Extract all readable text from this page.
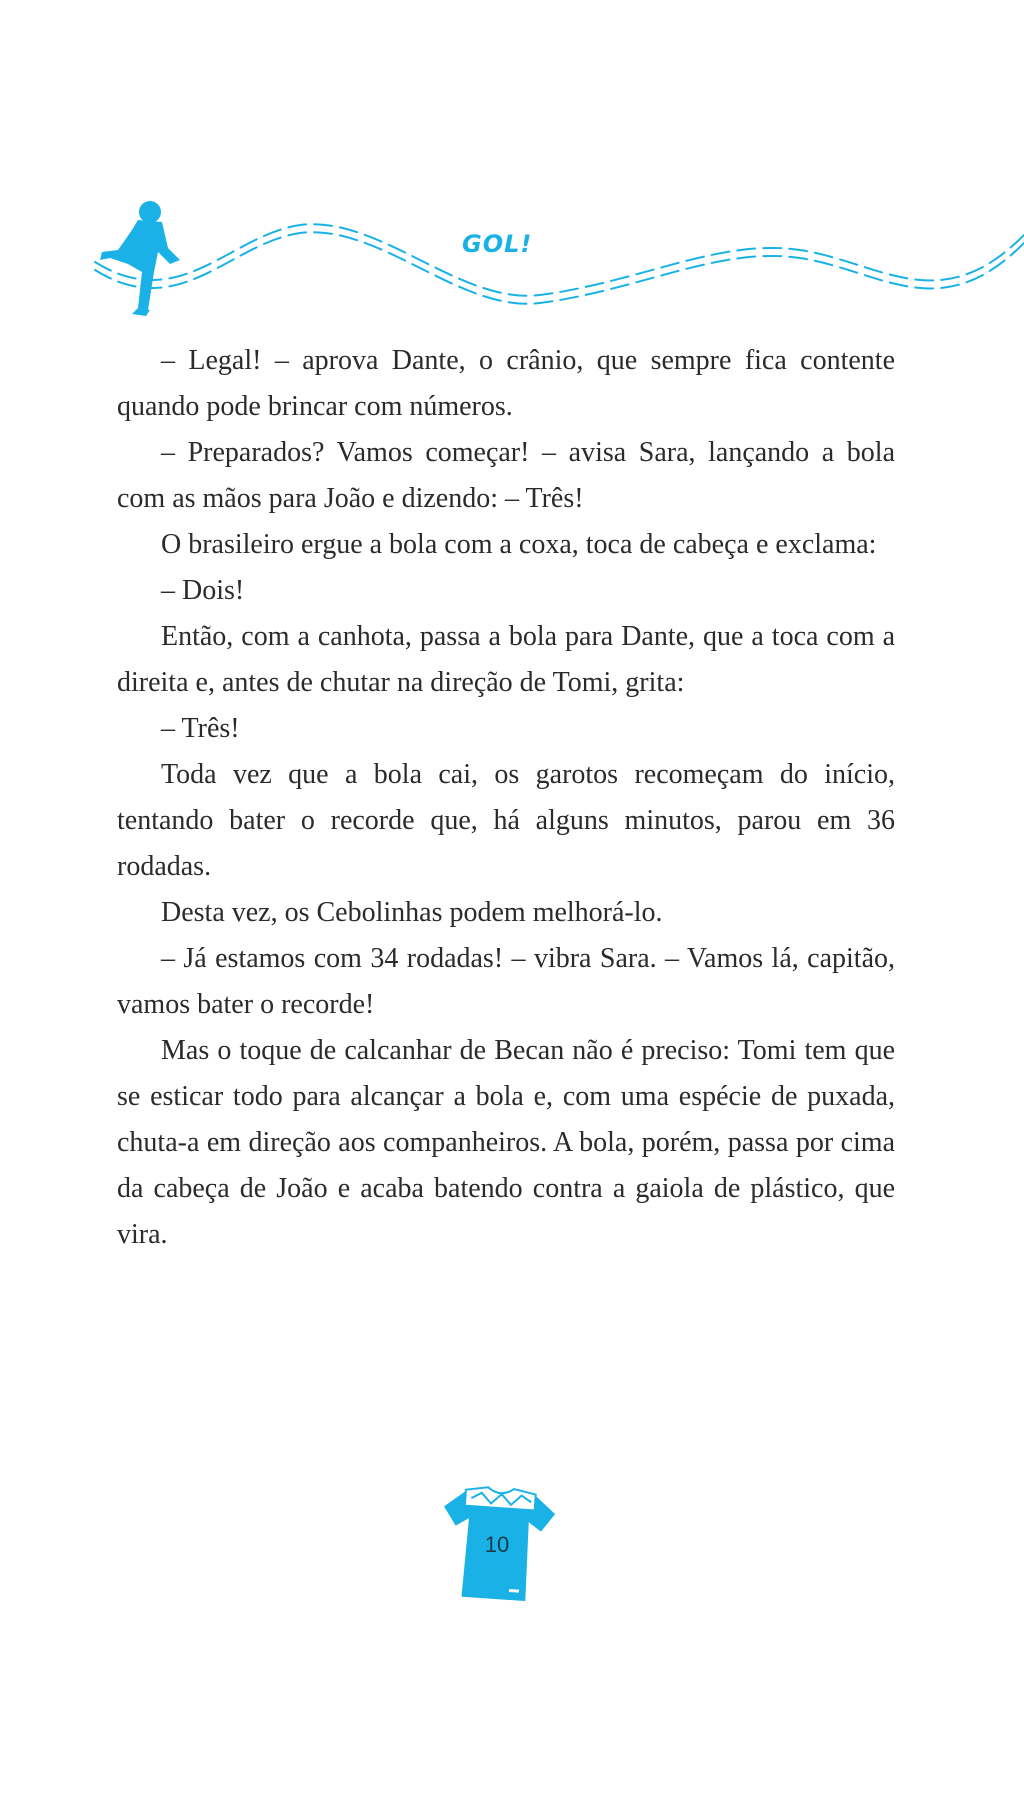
GOL!

– Legal! – aprova Dante, o crânio, que sempre fica contente quando pode brincar com números.

– Preparados? Vamos começar! – avisa Sara, lançando a bola com as mãos para João e dizendo: – Três!

O brasileiro ergue a bola com a coxa, toca de cabeça e exclama:

– Dois!

Então, com a canhota, passa a bola para Dante, que a toca com a direita e, antes de chutar na direção de Tomi, grita:

– Três!

Toda vez que a bola cai, os garotos recomeçam do início, tentando bater o recorde que, há alguns minutos, parou em 36 rodadas.

Desta vez, os Cebolinhas podem melhorá-lo.

– Já estamos com 34 rodadas! – vibra Sara. – Vamos lá, capitão, vamos bater o recorde!

Mas o toque de calcanhar de Becan não é preciso: Tomi tem que se esticar todo para alcançar a bola e, com uma espécie de puxada, chuta-a em direção aos companheiros. A bola, porém, passa por cima da cabeça de João e acaba batendo contra a gaiola de plástico, que vira.

10
